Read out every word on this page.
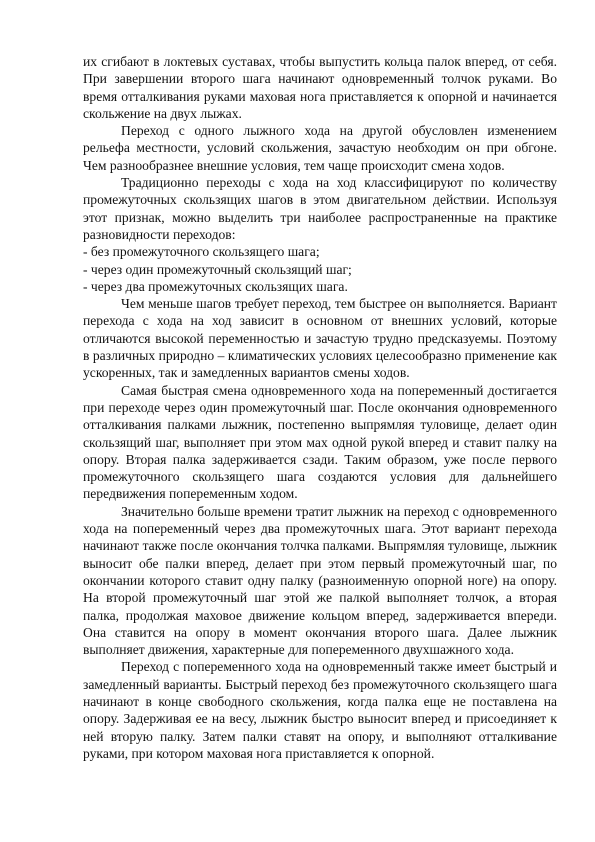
их сгибают в локтевых суставах, чтобы выпустить кольца палок вперед, от себя. При завершении второго шага начинают одновременный толчок руками. Во время отталкивания руками маховая нога приставляется к опорной и начинается скольжение на двух лыжах.

Переход с одного лыжного хода на другой обусловлен изменением рельефа местности, условий скольжения, зачастую необходим он при обгоне. Чем разнообразнее внешние условия, тем чаще происходит смена ходов.

Традиционно переходы с хода на ход классифицируют по количеству промежуточных скользящих шагов в этом двигательном действии. Используя этот признак, можно выделить три наиболее распространенные на практике разновидности переходов:

- без промежуточного скользящего шага;

- через один промежуточный скользящий шаг;

- через два промежуточных скользящих шага.

Чем меньше шагов требует переход, тем быстрее он выполняется. Вариант перехода с хода на ход зависит в основном от внешних условий, которые отличаются высокой переменностью и зачастую трудно предсказуемы. Поэтому в различных природно – климатических условиях целесообразно применение как ускоренных, так и замедленных вариантов смены ходов.

Самая быстрая смена одновременного хода на попеременный достигается при переходе через один промежуточный шаг. После окончания одновременного отталкивания палками лыжник, постепенно выпрямляя туловище, делает один скользящий шаг, выполняет при этом мах одной рукой вперед и ставит палку на опору. Вторая палка задерживается сзади. Таким образом, уже после первого промежуточного скользящего шага создаются условия для дальнейшего передвижения попеременным ходом.

Значительно больше времени тратит лыжник на переход с одновременного хода на попеременный через два промежуточных шага. Этот вариант перехода начинают также после окончания толчка палками. Выпрямляя туловище, лыжник выносит обе палки вперед, делает при этом первый промежуточный шаг, по окончании которого ставит одну палку (разноименную опорной ноге) на опору. На второй промежуточный шаг этой же палкой выполняет толчок, а вторая палка, продолжая маховое движение кольцом вперед, задерживается впереди. Она ставится на опору в момент окончания второго шага. Далее лыжник выполняет движения, характерные для попеременного двухшажного хода.

Переход с попеременного хода на одновременный также имеет быстрый и замедленный варианты. Быстрый переход без промежуточного скользящего шага начинают в конце свободного скольжения, когда палка еще не поставлена на опору. Задерживая ее на весу, лыжник быстро выносит вперед и присоединяет к ней вторую палку. Затем палки ставят на опору, и выполняют отталкивание руками, при котором маховая нога приставляется к опорной.
